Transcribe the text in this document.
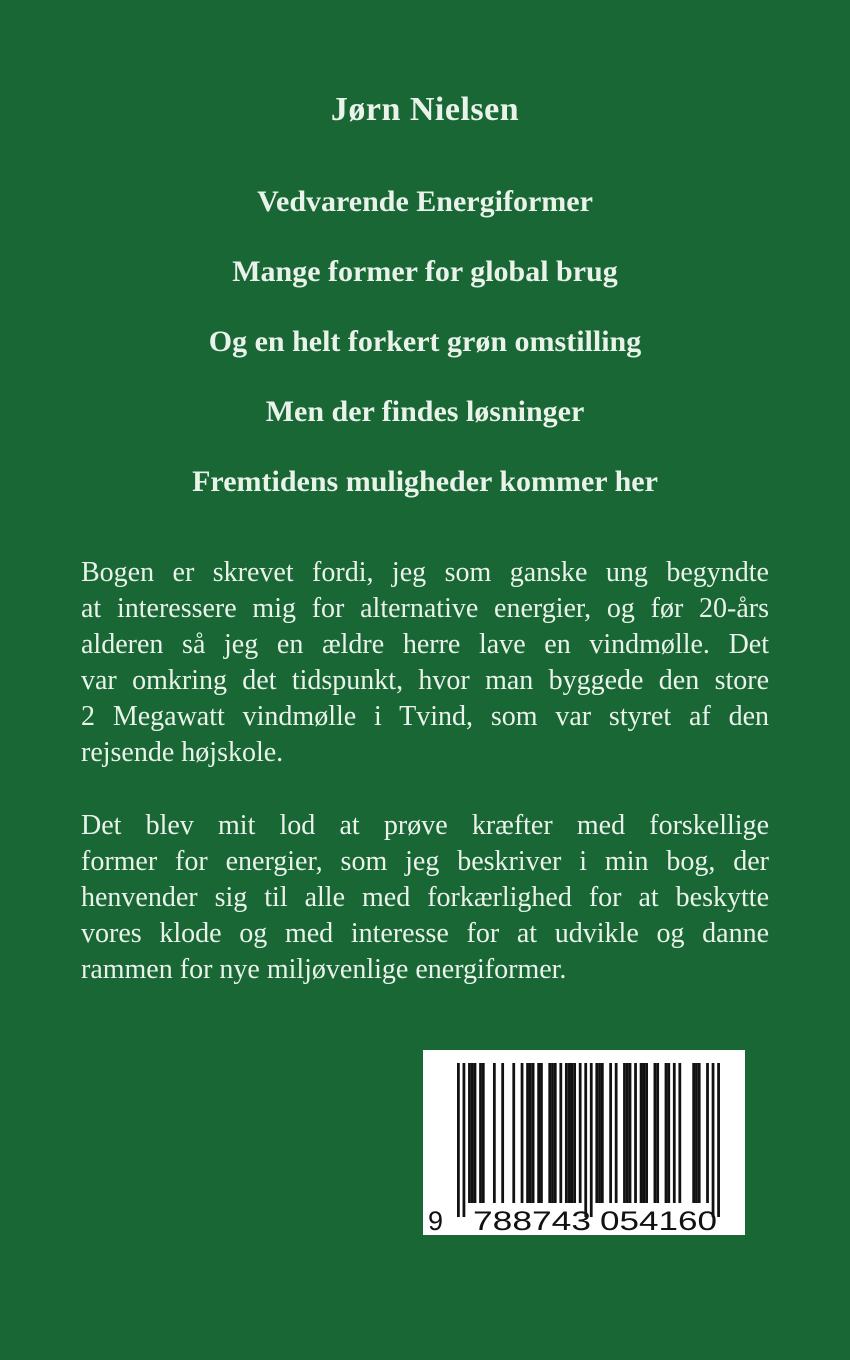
Jørn Nielsen
Vedvarende Energiformer
Mange former for global brug
Og en helt forkert grøn omstilling
Men der findes løsninger
Fremtidens muligheder kommer her
Bogen er skrevet fordi, jeg som ganske ung begyndte
at interessere mig for alternative energier, og før 20-års
alderen så jeg en ældre herre lave en vindmølle. Det
var omkring det tidspunkt, hvor man byggede den store
2 Megawatt vindmølle i Tvind, som var styret af den
rejsende højskole.
Det blev mit lod at prøve kræfter med forskellige
former for energier, som jeg beskriver i min bog, der
henvender sig til alle med forkærlighed for at beskytte
vores klode og med interesse for at udvikle og danne
rammen for nye miljøvenlige energiformer.
9 788743 054160
